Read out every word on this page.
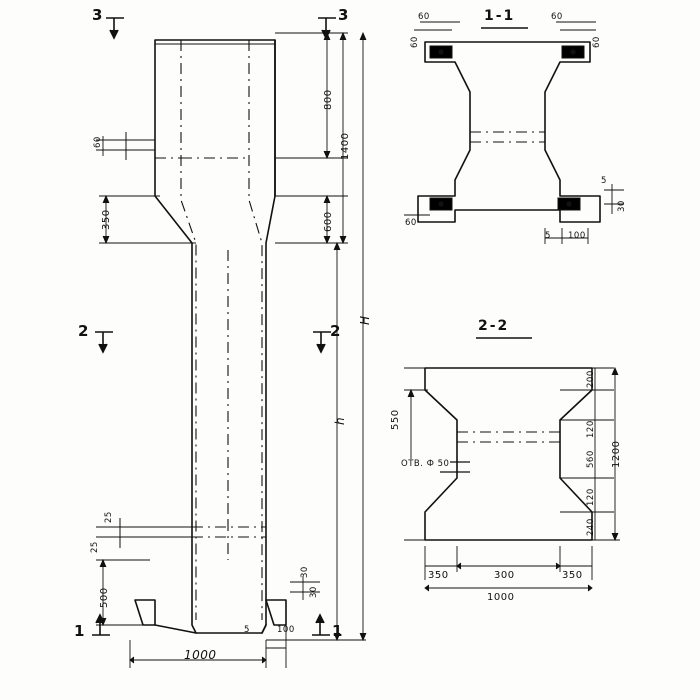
1-1
2-2
3	3
2	2
1	1
800
1400
600
H
h
60
350
25
25
500
1000
5	100
30
30
60
60
60
60
60
5 100
30
5
550
OTB. Ф 50
200
120
560
120
240
1200
350	300	350
1000
